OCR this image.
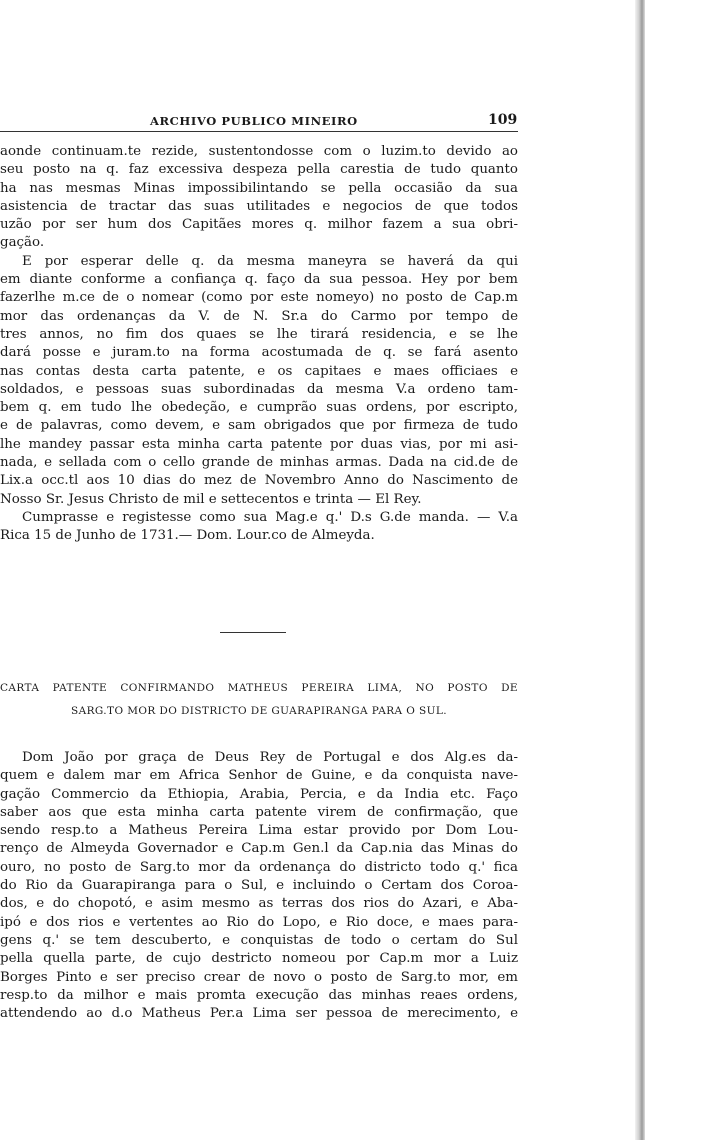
ARCHIVO PUBLICO MINEIRO	109
aonde continuam.te rezide, sustentondosse com o luzim.to devido ao
seu posto na q. faz excessiva despeza pella carestia de tudo quanto
ha nas mesmas Minas impossibilintando se pella occasião da sua
asistencia de tractar das suas utilitades e negocios de que todos
uzão por ser hum dos Capitães mores q. milhor fazem a sua obri-
gação.
E por esperar delle q. da mesma maneyra se haverá da qui
em diante conforme a confiança q. faço da sua pessoa. Hey por bem
fazerlhe m.ce de o nomear (como por este nomeyo) no posto de Cap.m
mor das ordenanças da V. de N. Sr.a do Carmo por tempo de
tres annos, no fim dos quaes se lhe tirará residencia, e se lhe
dará posse e juram.to na forma acostumada de q. se fará asento
nas contas desta carta patente, e os capitaes e maes officiaes e
soldados, e pessoas suas subordinadas da mesma V.a ordeno tam-
bem q. em tudo lhe obedeção, e cumprão suas ordens, por escripto,
e de palavras, como devem, e sam obrigados que por firmeza de tudo
lhe mandey passar esta minha carta patente por duas vias, por mi asi-
nada, e sellada com o cello grande de minhas armas. Dada na cid.de de
Lix.a occ.tl aos 10 dias do mez de Novembro Anno do Nascimento de
Nosso Sr. Jesus Christo de mil e settecentos e trinta — El Rey.
Cumprasse e registesse como sua Mag.e q.' D.s G.de manda. — V.a
Rica 15 de Junho de 1731.— Dom. Lour.co de Almeyda.
CARTA PATENTE CONFIRMANDO MATHEUS PEREIRA LIMA, NO POSTO DE
SARG.TO MOR DO DISTRICTO DE GUARAPIRANGA PARA O SUL.
Dom João por graça de Deus Rey de Portugal e dos Alg.es da-
quem e dalem mar em Africa Senhor de Guine, e da conquista nave-
gação Commercio da Ethiopia, Arabia, Percia, e da India etc. Faço
saber aos que esta minha carta patente virem de confirmação, que
sendo resp.to a Matheus Pereira Lima estar provido por Dom Lou-
renço de Almeyda Governador e Cap.m Gen.l da Cap.nia das Minas do
ouro, no posto de Sarg.to mor da ordenança do districto todo q.' fica
do Rio da Guarapiranga para o Sul, e incluindo o Certam dos Coroa-
dos, e do chopotó, e asim mesmo as terras dos rios do Azari, e Aba-
ipó e dos rios e vertentes ao Rio do Lopo, e Rio doce, e maes para-
gens q.' se tem descuberto, e conquistas de todo o certam do Sul
pella quella parte, de cujo destricto nomeou por Cap.m mor a Luiz
Borges Pinto e ser preciso crear de novo o posto de Sarg.to mor, em
resp.to da milhor e mais promta execução das minhas reaes ordens,
attendendo ao d.o Matheus Per.a Lima ser pessoa de merecimento, e
